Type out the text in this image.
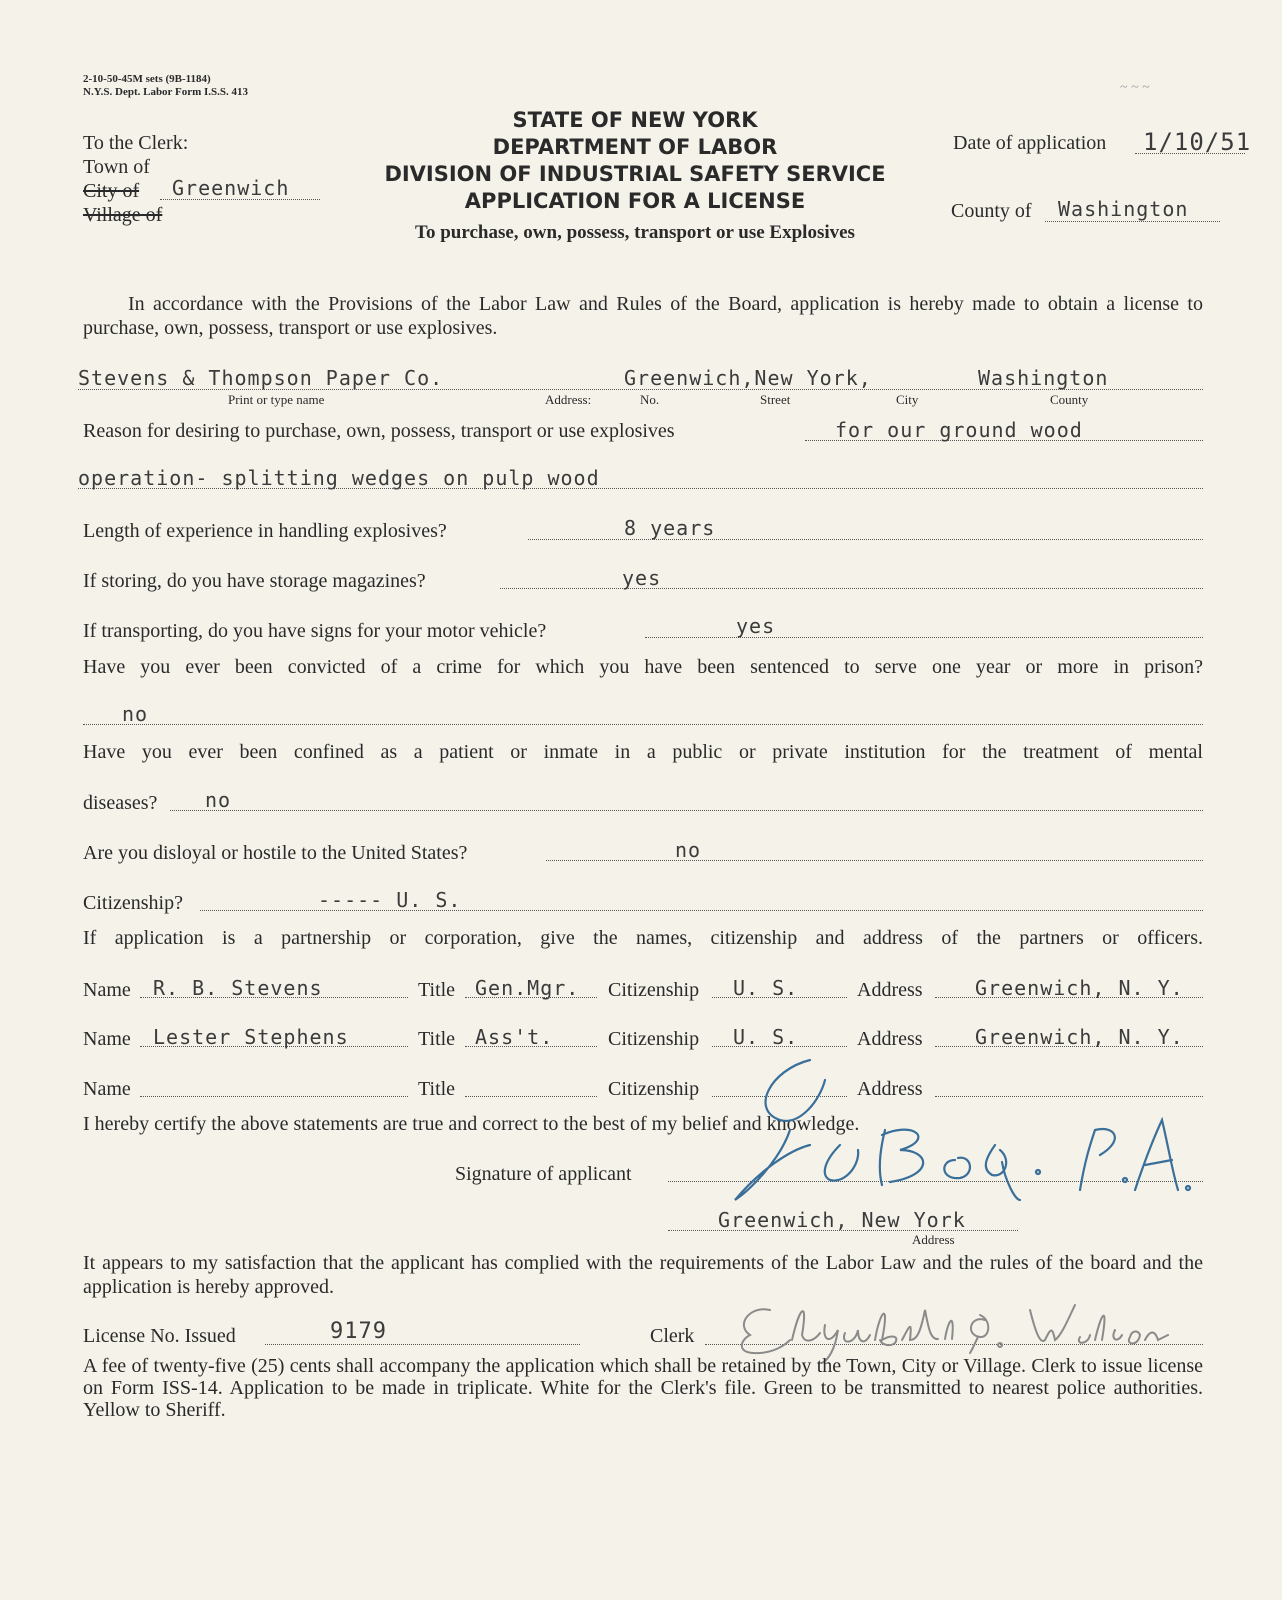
2-10-50-45M sets (9B-1184)
N.Y.S. Dept. Labor Form I.S.S. 413	~ ~ ~
To the Clerk:
Town of
City of Greenwich
Village of
STATE OF NEW YORK
DEPARTMENT OF LABOR
DIVISION OF INDUSTRIAL SAFETY SERVICE
APPLICATION FOR A LICENSE
To purchase, own, possess, transport or use Explosives
Date of application 1/10/51
County of Washington
In accordance with the Provisions of the Labor Law and Rules of the Board, application is hereby made to obtain a license to purchase, own, possess, transport or use explosives.
Stevens & Thompson Paper Co.	Greenwich,New York,	Washington
Print or type name	Address:	No.	Street	City	County
Reason for desiring to purchase, own, possess, transport or use explosives	for our ground wood
operation- splitting wedges on pulp wood
Length of experience in handling explosives?	8 years
If storing, do you have storage magazines?	yes
If transporting, do you have signs for your motor vehicle?	yes
Have you ever been convicted of a crime for which you have been sentenced to serve one year or more in prison?
no
Have you ever been confined as a patient or inmate in a public or private institution for the treatment of mental
diseases? no
Are you disloyal or hostile to the United States?	no
Citizenship?	----- U. S.
If application is a partnership or corporation, give the names, citizenship and address of the partners or officers.
Name R. B. Stevens	Title Gen.Mgr. Citizenship U. S.	Address	Greenwich, N. Y.
Name Lester Stephens	Title Ass't.	Citizenship U. S.	Address	Greenwich, N. Y.
Name	Title	Citizenship	Address
I hereby certify the above statements are true and correct to the best of my belief and knowledge.
Signature of applicant
Greenwich, New York
Address
It appears to my satisfaction that the applicant has complied with the requirements of the Labor Law and the rules of the board and the application is hereby approved.
License No. Issued	9179	Clerk
A fee of twenty-five (25) cents shall accompany the application which shall be retained by the Town, City or Village. Clerk to issue license on Form ISS-14. Application to be made in triplicate. White for the Clerk's file. Green to be transmitted to nearest police authorities. Yellow to Sheriff.
